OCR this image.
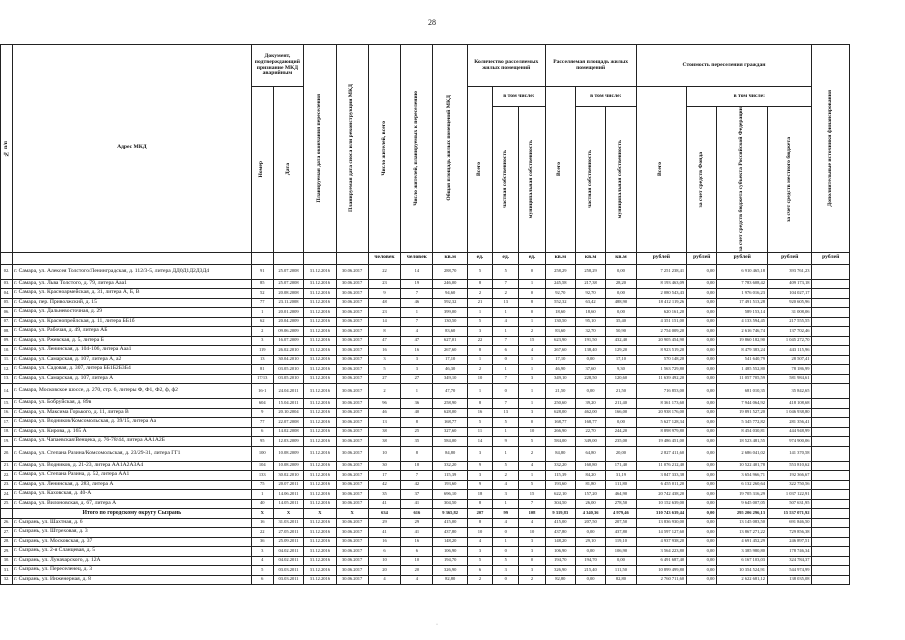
28
№ п/п	Адрес МКД	Документ, подтверждающий признание МКД аварийным		Планируемая дата окончания переселения	Планируемая дата сноса или реконструкции МКД	Число жителей, всего	Число жителей, планируемых к переселению	Общая площадь жилых помещений МКД	Количество расселяемых жилых помещений			Расселяемая площадь жилых помещений			Стоимость переселения граждан				Дополнительные источники финансирования

		Номер	Дата						Всего	в том числе:		Всего	в том числе:		Всего	в том числе:			

										частная собственность	муниципальная собственность		частная собственность	муниципальная собственность		за счет средств Фонда	за счет средств бюджета субъекта Российской Федерации	за счет средств местного бюджета	

						человек	человек	кв.м	ед.	ед.	ед.	кв.м	кв.м	кв.м	рублей	рублей	рублей	рублей	рублей
02.	г. Самара, ул. Алексея Толстого/Ленинградская, д. 112/3-5, литера ДД0Д1Д2Д3Д4	91	25.07.2008	31.12.2016	30.06.2017	22	14	288,70	5	5	0	258,29	258,29	0,00	7 251 238,41	0,00	6 910 465,18	393 761,23	
03.	г. Самара, ул. Льва Толстого, д. 79, литера Ааа1	85	25.07.2008	31.12.2016	30.06.2017	23	19	246,00	8	7	1	245,58	217,38	28,20	8 193 463,09	0,00	7 783 608,42	409 173,18	
04.	г. Самара, ул. Красноармейская, д. 31, литера А, Б, В	52	20.08.2008	31.12.2016	30.06.2017	9	7	94,60	2	2	0	92,70	92,70	0,00	2 080 543,43	0,00	1 976 016,23	104 027,17	
05.	г. Самара, пер. Приволжский, д. 15	77	23.11.2008	31.12.2016	30.06.2017	48	46	592,32	21	13	8	552,32	63,42	488,90	18 412 119,26	0,00	17 491 513,28	920 605,96	
06.	г. Самара, ул. Дальневосточная, д. 29	1	20.01.2009	31.12.2016	30.06.2017	23	1	399,00	1	1	0	18,60	18,60	0,00	620 161,20	0,00	589 153,14	31 008,06	
07.	г. Самара, ул. Краснопрейлская, д. 11, литера ББ1б	62	20.04.2009	31.12.2016	30.06.2017	14	7	130,50	5	4	1	130,50	95,10	35,40	4 351 151,00	0,00	4 133 594,45	217 555,55	
08.	г. Самара, ул. Рабочая, д. 49, литера АБ	2	09.06.2009	31.12.2016	30.06.2017	8	4	83,60	3	1	2	83,60	32,70	50,90	2 754 009,20	0,00	2 616 746,74	137 702,46	
09.	г. Самара, ул. Ржевская, д. 5, литера Б	3	16.07.2009	31.12.2016	30.06.2017	47	47	627,01	22	7	15	623,90	191,50	432,40	20 905 454,90	0,00	19 860 182,90	1 045 272,70	
10.	г. Самара, ул. Ленинская, д. 104-106, литера Ааа1	119	26.02.2010	31.12.2016	30.06.2017	16	16	267,60	8	6	4	267,60	138,40	129,20	8 923 519,20	0,00	8 479 383,24	443 115,96	
11.	г. Самара, ул. Самарская, д. 107, литера А, а2	13	30.04.2010	31.12.2016	30.06.2017	3	3	17,10	1	0	1	17,10	0,00	17,10	570 148,20	0,00	541 640,79	28 507,41	
12.	г. Самара, ул. Садовая, д. 307, литера ББ1Б2Б3Б4	81	03.05.2010	31.12.2016	30.06.2017	5	3	46,30	2	1	1	46,90	37,60	9,30	1 563 729,80	0,00	1 485 552,80	78 186,99	
13.	г. Самара, ул. Самарская, д. 107, литера А	17/13	03.05.2010	31.12.2016	30.06.2017	27	27	349,10	10	7	3	349,10	228,50	120,60	11 639 492,20	0,00	11 057 705,59	581 984,61	
14.	г. Самара, Московское шоссе, д. 270, стр. 6, литеры Ф, Ф1, Ф2, ф, ф2	16-1	24.04.2011	31.12.2016	30.06.2017	2	1	47,70	1	0	1	21,50	0,00	21,50	716 853,00	0,00	681 010,35	35 842,65	
15.	г. Самара, ул. Бобруйская, д. 89в	604	15.04.2011	31.12.2016	30.06.2017	96	36	258,90	8	7	1	250,60	39,20	211,40	8 361 173,60	0,00	7 944 064,92	418 108,68	
16.	г. Самара, ул. Максима Горького, д. 11, литера В	9	20.10.2004	31.12.2016	30.06.2017	46	40	628,00	16	13	3	628,00	462,00	166,00	20 938 176,00	0,00	19 891 527,20	1 046 938,80	
17.	г. Самара, ул. Водников/Комсомольская, д. 39/15, литера Аа	77	22.07.2008	31.12.2016	30.06.2017	13	8	168,77	5	5	0	168,77	168,77	0,00	5 627 128,34	0,00	5 345 772,82	281 356,41	
18.	г. Самара, ул. Кирова, д. 165 А	6	14.02.2008	31.12.2016	30.06.2017	38	25	327,60	11	1	10	266,90	22,70	244,20	8 898 979,80	0,00	8 454 030,81	444 948,99	
19.	г. Самара, ул. Чапаевская/Венцека, д. 76-78/44, литера АА1А2Б	95	12.03.2009	31.12.2016	30.06.2017	38	35	584,00	14	9	5	584,00	349,00	235,00	19 486 451,00	0,00	18 523 481,55	974 900,06	
20.	г. Самара, ул. Степана Разина/Комсомольская, д. 23/29-31, литера ГГ1	100	10.08.2009	31.12.2016	30.06.2017	10	8	84,80	3	1	2	84,80	64,80	20,00	2 827 411,60	0,00	2 686 041,02	141 370,58	
21.	г. Самара, ул. Водников, д. 21-23, литера АА1А2А3А4	104	10.08.2009	31.12.2016	30.06.2017	30	18	332,20	9	5	4	332,20	160,80	171,40	11 076 212,40	0,00	10 522 401,78	553 810,62	
22.	г. Самара, ул. Степана Разина, д. 52, литера АА1	133	30.02.2010	31.12.2016	30.06.2017	17	7	115,39	3	2	1	115,39	84,20	31,19	3 847 333,38	0,00	3 654 966,71	192 366,67	
23.	г. Самара, ул. Ленинская, д. 283, литера А	75	20.07.2011	31.12.2016	30.06.2017	42	42	193,60	9	4	5	193,60	81,80	111,80	6 455 011,20	0,00	6 132 260,64	322 750,56	
24.	г. Самара, ул. Каховская, д. 40-А	1	14.06.2011	31.12.2016	30.06.2017	35	37	696,10	18	3	15	622,10	157,20	464,90	20 742 438,20	0,00	19 705 316,29	1 037 122,91	
25.	г. Самара, ул. Вилоновская, д. 67, литера А	40	14.05.2011	31.12.2016	30.06.2017	41	41	304,50	8	1	7	304,50	26,00	278,50	10 152 639,00	0,00	9 645 007,05	507 631,95	
	Итого по городскому округу Сызрань	X	X	X	X	634	616	9 365,82	207	99	108	9 319,83	4 340,36	4 979,46	310 743 639,44	0,00	295 206 296,13	15 537 071,92	
26.	г. Сызрань, ул. Шахтная, д. 6	16	31.03.2011	31.12.2016	30.06.2017	29	29	415,00	8	4	4	415,00	207,50	207,50	13 836 930,00	0,00	13 145 083,50	691 846,50	
27.	г. Сызрань, ул. Штреховая, д. 3	22	27.05.2011	31.12.2016	30.06.2017	41	41	437,80	10	0	10	437,80	0,00	437,80	14 597 127,60	0,00	13 867 271,22	729 856,38	
28.	г. Сызрань, ул. Московская, д. 37	36	25.09.2011	31.12.2016	30.06.2017	16	16	148,20	4	1	3	148,20	29,10	119,10	4 937 938,20	0,00	4 691 452,29	246 897,51	
29.	г. Сызрань, ул. 2-я Сланцевая, д. 5	3	04.02.2011	31.12.2016	30.06.2017	6	6	106,90	3	0	3	106,90	0,00	106,90	3 564 223,80	0,00	3 385 980,80	178 746,34	
30.	г. Сызрань, ул. Луначарского, д. 12А	4	04.02.2011	31.12.2016	30.06.2017	10	10	194,70	5	5	0	194,70	194,70	0,00	6 491 687,40	0,00	6 167 103,03	324 784,37	
31.	г. Сызрань, ул. Переселенец, д. 3	5	03.03.2011	31.12.2016	30.06.2017	20	20	326,90	6	3	3	326,90	215,40	111,50	10 899 499,80	0,00	10 354 524,91	544 974,99	
32.	г. Сызрань, ул. Инженерная, д. 8	6	03.03.2011	31.12.2016	30.06.2017	4	4	82,80	2	0	2	82,80	0,00	82,80	2 760 711,60	0,00	2 622 681,12	138 035,08	
·
